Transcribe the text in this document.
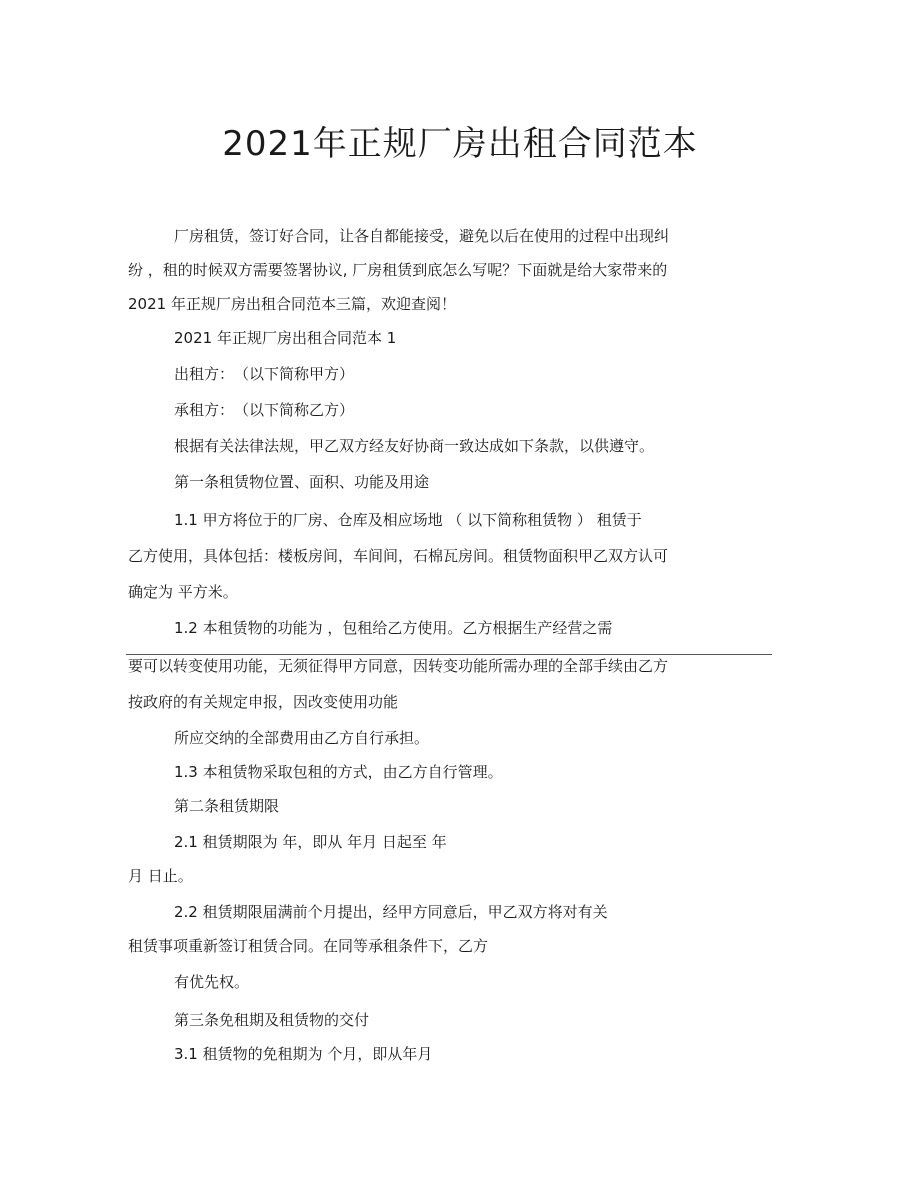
2021年正规厂房出租合同范本

厂房租赁，签订好合同，让各自都能接受，避免以后在使用的过程中出现纠

纷 ，租的时候双方需要签署协议, 厂房租赁到底怎么写呢？下面就是给大家带来的

2021 年正规厂房出租合同范本三篇，欢迎查阅！

2021 年正规厂房出租合同范本 1

出租方：　（以下简称甲方）

承租方：　（以下简称乙方）

根据有关法律法规，甲乙双方经友好协商一致达成如下条款，以供遵守。

第一条租赁物位置、面积、功能及用途

1.1 甲方将位于的厂房、仓库及相应场地 （ 以下简称租赁物 ） 租赁于

乙方使用，具体包括：楼板房间，车间间，石棉瓦房间。租赁物面积甲乙双方认可

确定为 平方米。

1.2 本租赁物的功能为 ，包租给乙方使用。乙方根据生产经营之需

要可以转变使用功能，无须征得甲方同意，因转变功能所需办理的全部手续由乙方

按政府的有关规定申报，因改变使用功能

所应交纳的全部费用由乙方自行承担。

1.3 本租赁物采取包租的方式，由乙方自行管理。

第二条租赁期限

2.1 租赁期限为 年，即从 年月 日起至 年

月 日止。

2.2 租赁期限届满前个月提出，经甲方同意后，甲乙双方将对有关

租赁事项重新签订租赁合同。在同等承租条件下，乙方

有优先权。

第三条免租期及租赁物的交付

3.1 租赁物的免租期为 个月，即从年月
